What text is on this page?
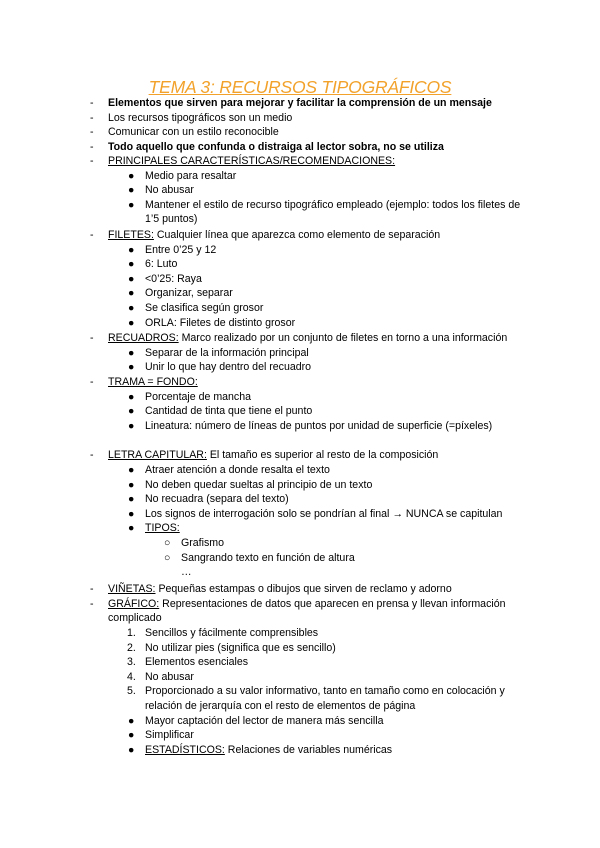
TEMA 3: RECURSOS TIPOGRÁFICOS
- Elementos que sirven para mejorar y facilitar la comprensión de un mensaje
- Los recursos tipográficos son un medio
- Comunicar con un estilo reconocible
- Todo aquello que confunda o distraiga al lector sobra, no se utiliza
- PRINCIPALES CARACTERÍSTICAS/RECOMENDACIONES:
● Medio para resaltar
● No abusar
● Mantener el estilo de recurso tipográfico empleado (ejemplo: todos los filetes de
1’5 puntos)
- FILETES: Cualquier línea que aparezca como elemento de separación
● Entre 0’25 y 12
● 6: Luto
● <0’25: Raya
● Organizar, separar
● Se clasifica según grosor
● ORLA: Filetes de distinto grosor
- RECUADROS: Marco realizado por un conjunto de filetes en torno a una información
● Separar de la información principal
● Unir lo que hay dentro del recuadro
- TRAMA = FONDO:
● Porcentaje de mancha
● Cantidad de tinta que tiene el punto
● Lineatura: número de líneas de puntos por unidad de superficie (=píxeles)
- LETRA CAPITULAR: El tamaño es superior al resto de la composición
● Atraer atención a donde resalta el texto
● No deben quedar sueltas al principio de un texto
● No recuadra (separa del texto)
● Los signos de interrogación solo se pondrían al final → NUNCA se capitulan
● TIPOS:
○ Grafismo
○ Sangrando texto en función de altura
…
- VIÑETAS: Pequeñas estampas o dibujos que sirven de reclamo y adorno
- GRÁFICO: Representaciones de datos que aparecen en prensa y llevan información
complicado
1. Sencillos y fácilmente comprensibles
2. No utilizar pies (significa que es sencillo)
3. Elementos esenciales
4. No abusar
5. Proporcionado a su valor informativo, tanto en tamaño como en colocación y
relación de jerarquía con el resto de elementos de página
● Mayor captación del lector de manera más sencilla
● Simplificar
● ESTADÍSTICOS: Relaciones de variables numéricas
